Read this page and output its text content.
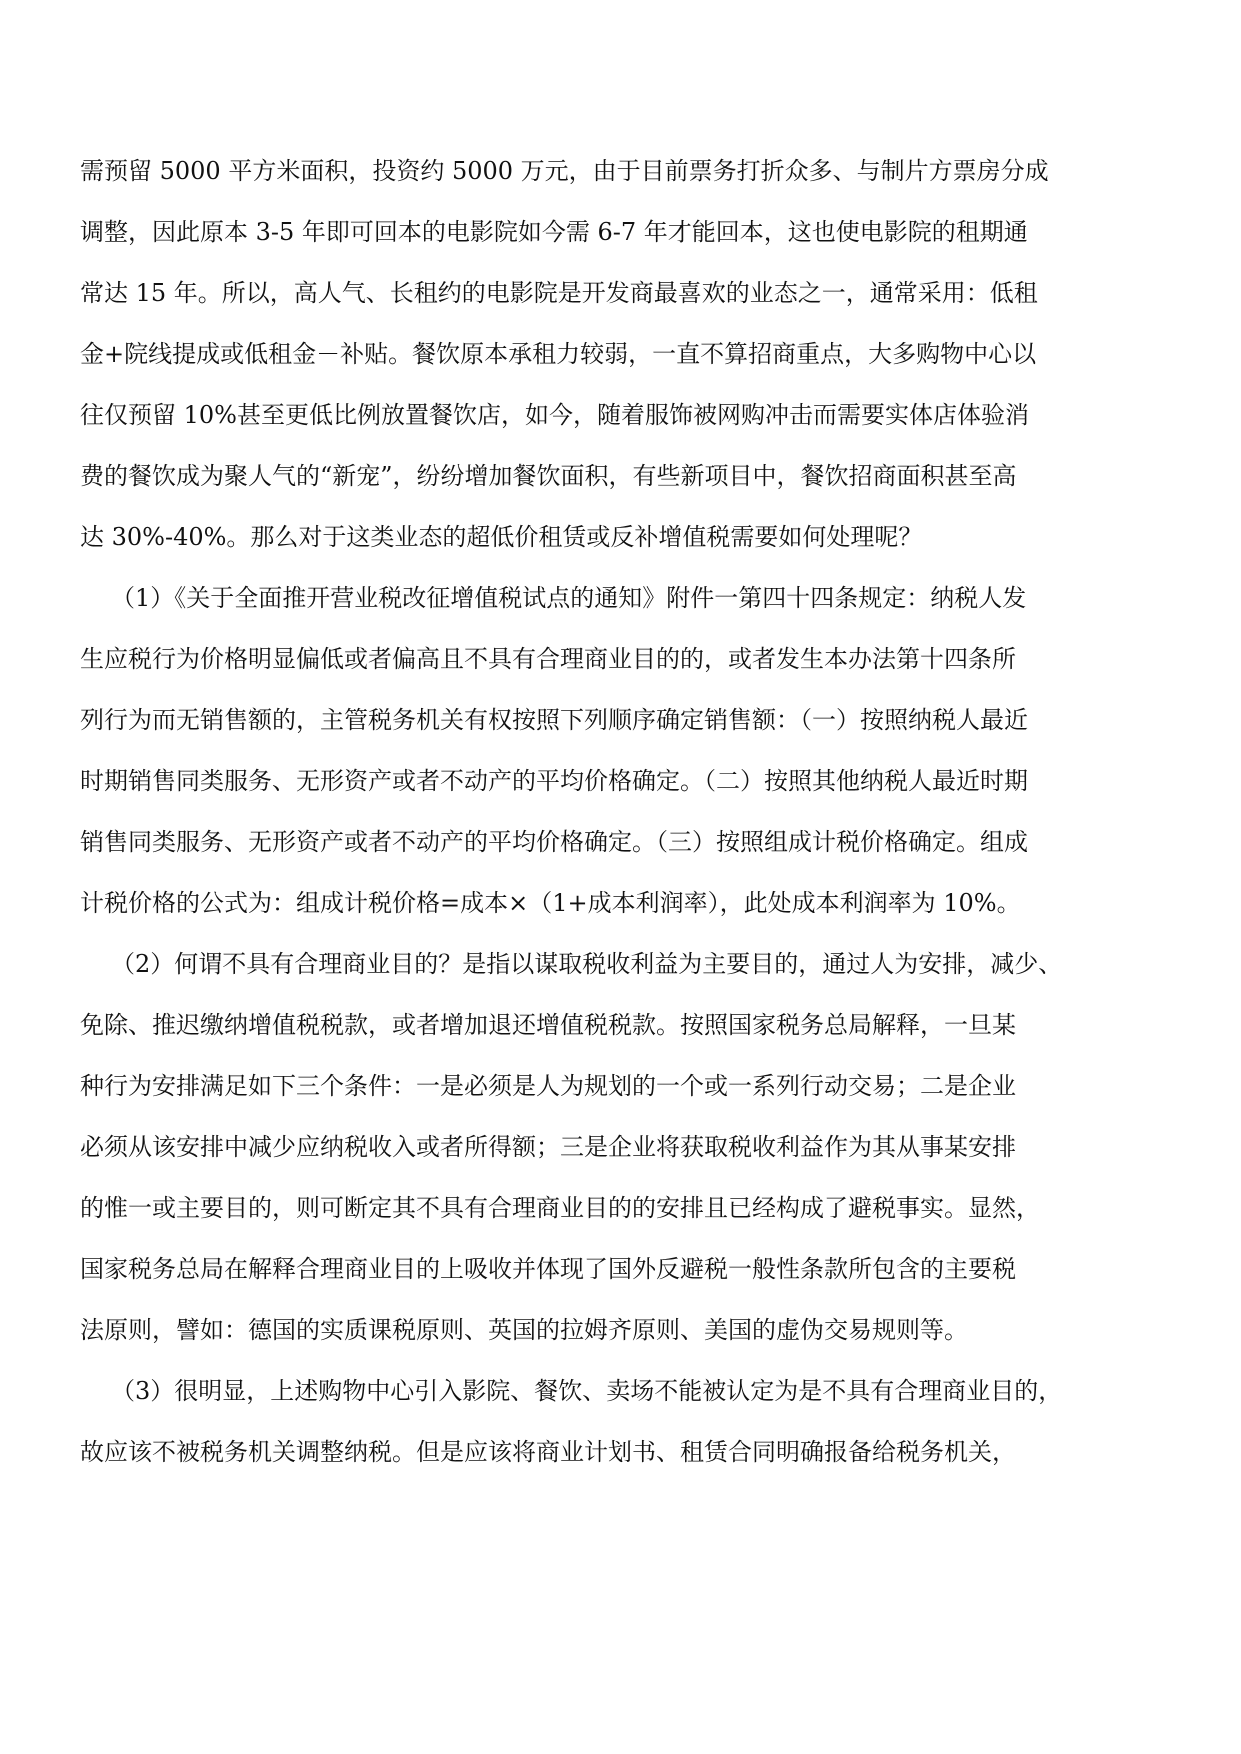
需预留 5000 平方米面积，投资约 5000 万元，由于目前票务打折众多、与制片方票房分成

调整，因此原本 3-5 年即可回本的电影院如今需 6-7 年才能回本，这也使电影院的租期通

常达 15 年。所以，高人气、长租约的电影院是开发商最喜欢的业态之一，通常采用：低租

金+院线提成或低租金－补贴。餐饮原本承租力较弱，一直不算招商重点，大多购物中心以

往仅预留 10%甚至更低比例放置餐饮店，如今，随着服饰被网购冲击而需要实体店体验消

费的餐饮成为聚人气的“新宠”，纷纷增加餐饮面积，有些新项目中，餐饮招商面积甚至高

达 30%-40%。那么对于这类业态的超低价租赁或反补增值税需要如何处理呢？

（1）《关于全面推开营业税改征增值税试点的通知》附件一第四十四条规定：纳税人发

生应税行为价格明显偏低或者偏高且不具有合理商业目的的，或者发生本办法第十四条所

列行为而无销售额的，主管税务机关有权按照下列顺序确定销售额：（一）按照纳税人最近

时期销售同类服务、无形资产或者不动产的平均价格确定。（二）按照其他纳税人最近时期

销售同类服务、无形资产或者不动产的平均价格确定。（三）按照组成计税价格确定。组成

计税价格的公式为：组成计税价格=成本×（1+成本利润率），此处成本利润率为 10%。

（2）何谓不具有合理商业目的？是指以谋取税收利益为主要目的，通过人为安排，减少、

免除、推迟缴纳增值税税款，或者增加退还增值税税款。按照国家税务总局解释，一旦某

种行为安排满足如下三个条件：一是必须是人为规划的一个或一系列行动交易；二是企业

必须从该安排中减少应纳税收入或者所得额；三是企业将获取税收利益作为其从事某安排

的惟一或主要目的，则可断定其不具有合理商业目的的安排且已经构成了避税事实。显然，

国家税务总局在解释合理商业目的上吸收并体现了国外反避税一般性条款所包含的主要税

法原则，譬如：德国的实质课税原则、英国的拉姆齐原则、美国的虚伪交易规则等。

（3）很明显，上述购物中心引入影院、餐饮、卖场不能被认定为是不具有合理商业目的，

故应该不被税务机关调整纳税。但是应该将商业计划书、租赁合同明确报备给税务机关，
